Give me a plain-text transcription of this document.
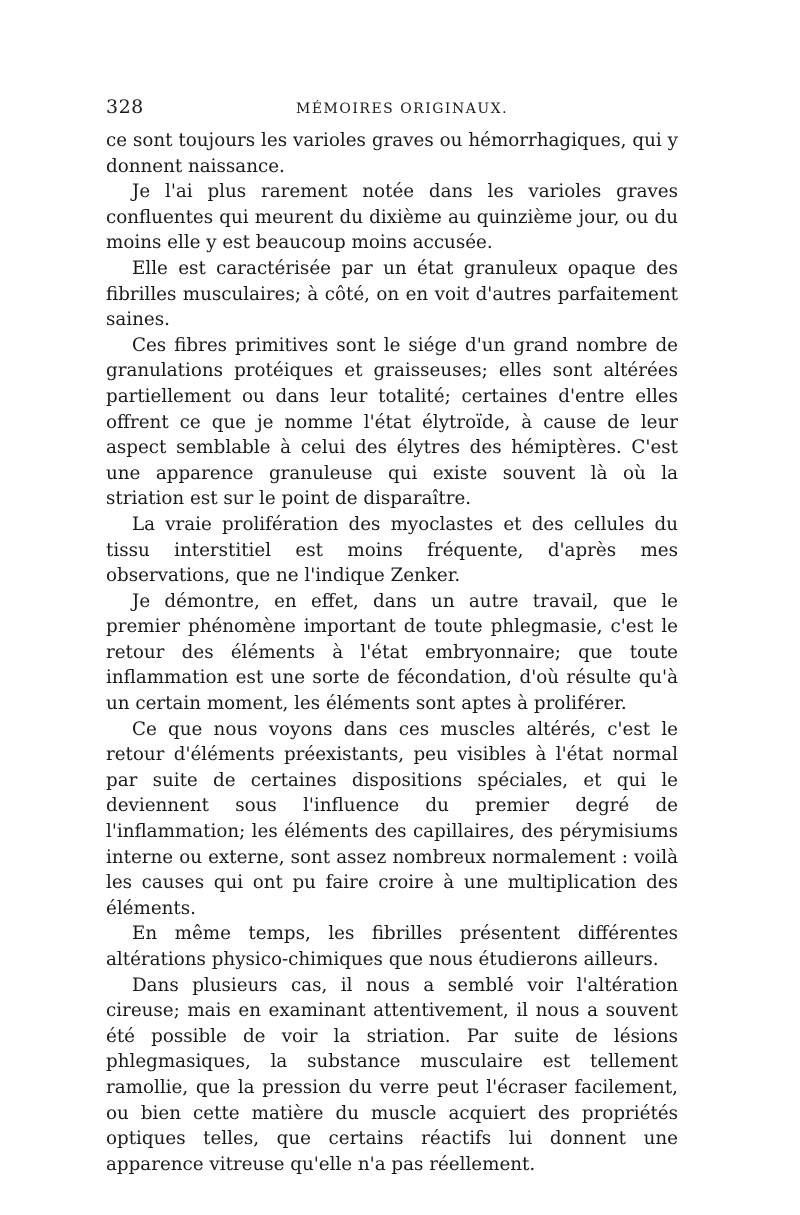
328	MÉMOIRES ORIGINAUX.

ce sont toujours les varioles graves ou hémorrhagiques, qui y donnent naissance.

Je l'ai plus rarement notée dans les varioles graves confluentes qui meurent du dixième au quinzième jour, ou du moins elle y est beaucoup moins accusée.

Elle est caractérisée par un état granuleux opaque des fibrilles musculaires; à côté, on en voit d'autres parfaitement saines.

Ces fibres primitives sont le siége d'un grand nombre de granulations protéiques et graisseuses; elles sont altérées partiellement ou dans leur totalité; certaines d'entre elles offrent ce que je nomme l'état élytroïde, à cause de leur aspect semblable à celui des élytres des hémiptères. C'est une apparence granuleuse qui existe souvent là où la striation est sur le point de disparaître.

La vraie prolifération des myoclastes et des cellules du tissu interstitiel est moins fréquente, d'après mes observations, que ne l'indique Zenker.

Je démontre, en effet, dans un autre travail, que le premier phénomène important de toute phlegmasie, c'est le retour des éléments à l'état embryonnaire; que toute inflammation est une sorte de fécondation, d'où résulte qu'à un certain moment, les éléments sont aptes à proliférer.

Ce que nous voyons dans ces muscles altérés, c'est le retour d'éléments préexistants, peu visibles à l'état normal par suite de certaines dispositions spéciales, et qui le deviennent sous l'influence du premier degré de l'inflammation; les éléments des capillaires, des pérymisiums interne ou externe, sont assez nombreux normalement : voilà les causes qui ont pu faire croire à une multiplication des éléments.

En même temps, les fibrilles présentent différentes altérations physico-chimiques que nous étudierons ailleurs.

Dans plusieurs cas, il nous a semblé voir l'altération cireuse; mais en examinant attentivement, il nous a souvent été possible de voir la striation. Par suite de lésions phlegmasiques, la substance musculaire est tellement ramollie, que la pression du verre peut l'écraser facilement, ou bien cette matière du muscle acquiert des propriétés optiques telles, que certains réactifs lui donnent une apparence vitreuse qu'elle n'a pas réellement.
